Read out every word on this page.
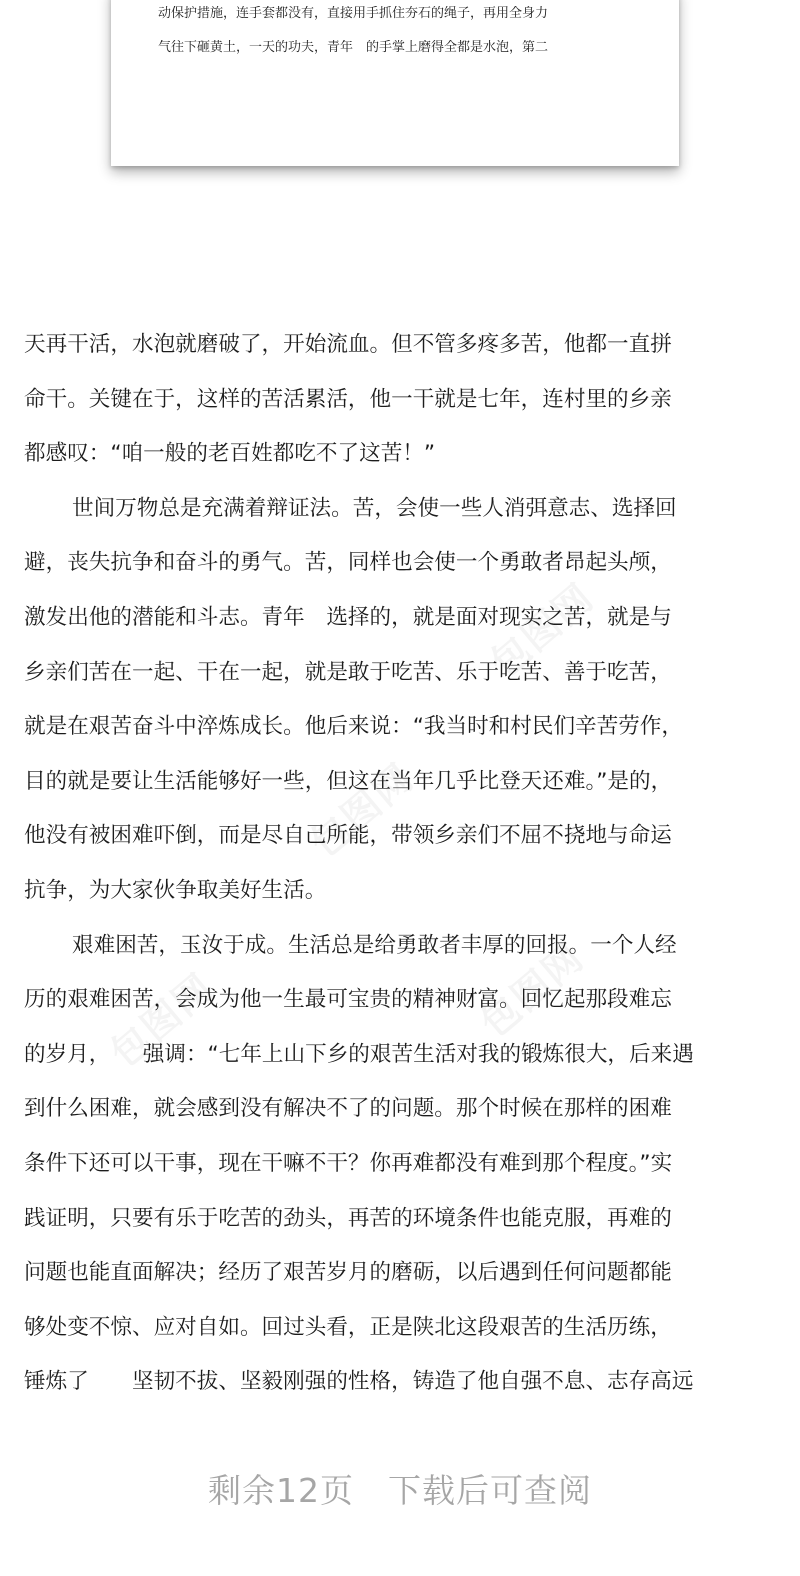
动保护措施，连手套都没有，直接用手抓住夯石的绳子，再用全身力
气往下砸黄土，一天的功夫，青年　的手掌上磨得全都是水泡，第二
包图网
包图网
包图网	包图网
天再干活，水泡就磨破了，开始流血。但不管多疼多苦，他都一直拼
命干。关键在于，这样的苦活累活，他一干就是七年，连村里的乡亲
都感叹：“咱一般的老百姓都吃不了这苦！”
世间万物总是充满着辩证法。苦，会使一些人消弭意志、选择回
避，丧失抗争和奋斗的勇气。苦，同样也会使一个勇敢者昂起头颅，
激发出他的潜能和斗志。青年　选择的，就是面对现实之苦，就是与
乡亲们苦在一起、干在一起，就是敢于吃苦、乐于吃苦、善于吃苦，
就是在艰苦奋斗中淬炼成长。他后来说：“我当时和村民们辛苦劳作，
目的就是要让生活能够好一些，但这在当年几乎比登天还难。”是的，
他没有被困难吓倒，而是尽自己所能，带领乡亲们不屈不挠地与命运
抗争，为大家伙争取美好生活。
艰难困苦，玉汝于成。生活总是给勇敢者丰厚的回报。一个人经
历的艰难困苦，会成为他一生最可宝贵的精神财富。回忆起那段难忘
的岁月，　　强调：“七年上山下乡的艰苦生活对我的锻炼很大，后来遇
到什么困难，就会感到没有解决不了的问题。那个时候在那样的困难
条件下还可以干事，现在干嘛不干？你再难都没有难到那个程度。”实
践证明，只要有乐于吃苦的劲头，再苦的环境条件也能克服，再难的
问题也能直面解决；经历了艰苦岁月的磨砺，以后遇到任何问题都能
够处变不惊、应对自如。回过头看，正是陕北这段艰苦的生活历练，
锤炼了　　坚韧不拔、坚毅刚强的性格，铸造了他自强不息、志存高远
剩余12页 下载后可查阅
